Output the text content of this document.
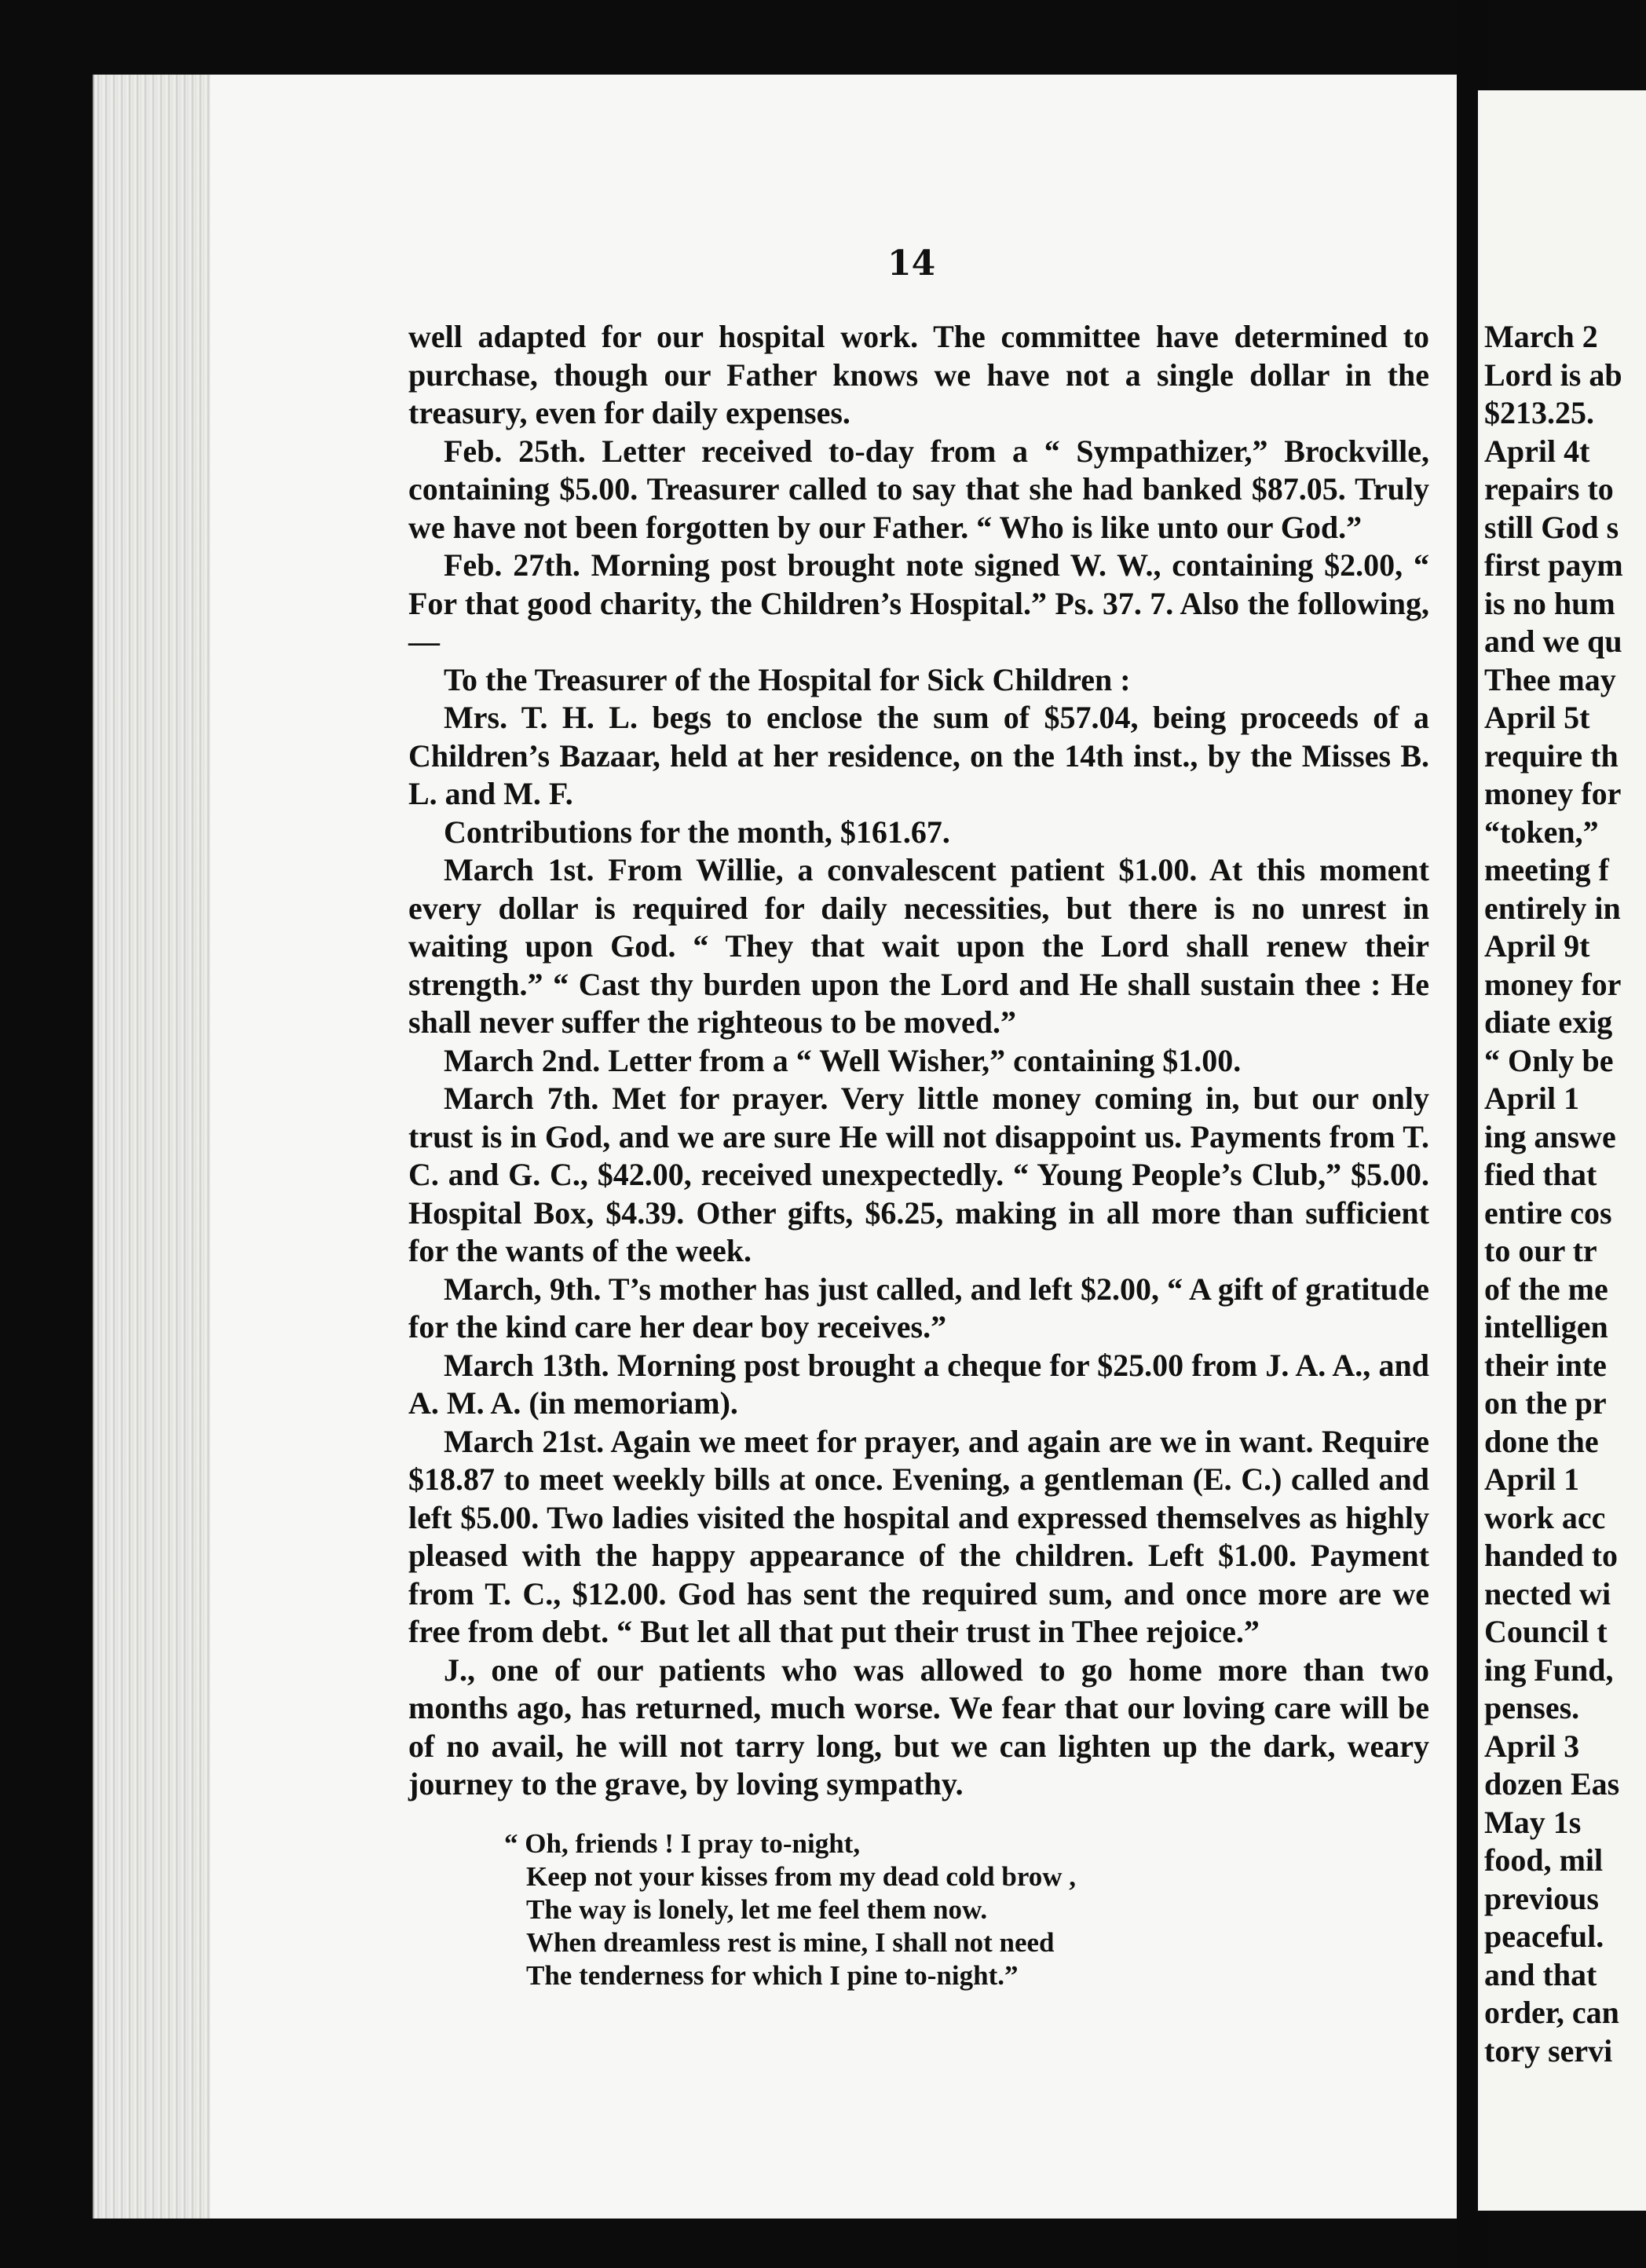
14

well adapted for our hospital work. The committee have determined to purchase, though our Father knows we have not a single dollar in the treasury, even for daily expenses.

Feb. 25th. Letter received to-day from a “ Sympathizer,” Brockville, containing $5.00. Treasurer called to say that she had banked $87.05. Truly we have not been forgotten by our Father. “ Who is like unto our God.”

Feb. 27th. Morning post brought note signed W. W., containing $2.00, “ For that good charity, the Children’s Hospital.” Ps. 37. 7. Also the following,—

To the Treasurer of the Hospital for Sick Children :

Mrs. T. H. L. begs to enclose the sum of $57.04, being proceeds of a Children’s Bazaar, held at her residence, on the 14th inst., by the Misses B. L. and M. F.

Contributions for the month, $161.67.

March 1st. From Willie, a convalescent patient $1.00. At this moment every dollar is required for daily necessities, but there is no unrest in waiting upon God. “ They that wait upon the Lord shall renew their strength.” “ Cast thy burden upon the Lord and He shall sustain thee : He shall never suffer the righteous to be moved.”

March 2nd. Letter from a “ Well Wisher,” containing $1.00.

March 7th. Met for prayer. Very little money coming in, but our only trust is in God, and we are sure He will not disappoint us. Payments from T. C. and G. C., $42.00, received unexpectedly. “ Young People’s Club,” $5.00. Hospital Box, $4.39. Other gifts, $6.25, making in all more than sufficient for the wants of the week.

March, 9th. T’s mother has just called, and left $2.00, “ A gift of gratitude for the kind care her dear boy receives.”

March 13th. Morning post brought a cheque for $25.00 from J. A. A., and A. M. A. (in memoriam).

March 21st. Again we meet for prayer, and again are we in want. Require $18.87 to meet weekly bills at once. Evening, a gentleman (E. C.) called and left $5.00. Two ladies visited the hospital and expressed themselves as highly pleased with the happy appearance of the children. Left $1.00. Payment from T. C., $12.00. God has sent the required sum, and once more are we free from debt. “ But let all that put their trust in Thee rejoice.”

J., one of our patients who was allowed to go home more than two months ago, has returned, much worse. We fear that our loving care will be of no avail, he will not tarry long, but we can lighten up the dark, weary journey to the grave, by loving sympathy.

“ Oh, friends ! I pray to-night,
Keep not your kisses from my dead cold brow ,
The way is lonely, let me feel them now.
When dreamless rest is mine, I shall not need
The tenderness for which I pine to-night.”
March 2
Lord is ab
$213.25.
April 4t
repairs to
still God s
first paym
is no hum
and we qu
Thee may
April 5t
require th
money for
“token,”
meeting f
entirely in
April 9t
money for
diate exig
“ Only be
April 1
ing answe
fied that
entire cos
to our tr
of the me
intelligen
their inte
on the pr
done the
April 1
work acc
handed to
nected wi
Council t
ing Fund,
penses.
April 3
dozen Eas
May 1s
food, mil
previous
peaceful.
and that
order, can
tory servi
